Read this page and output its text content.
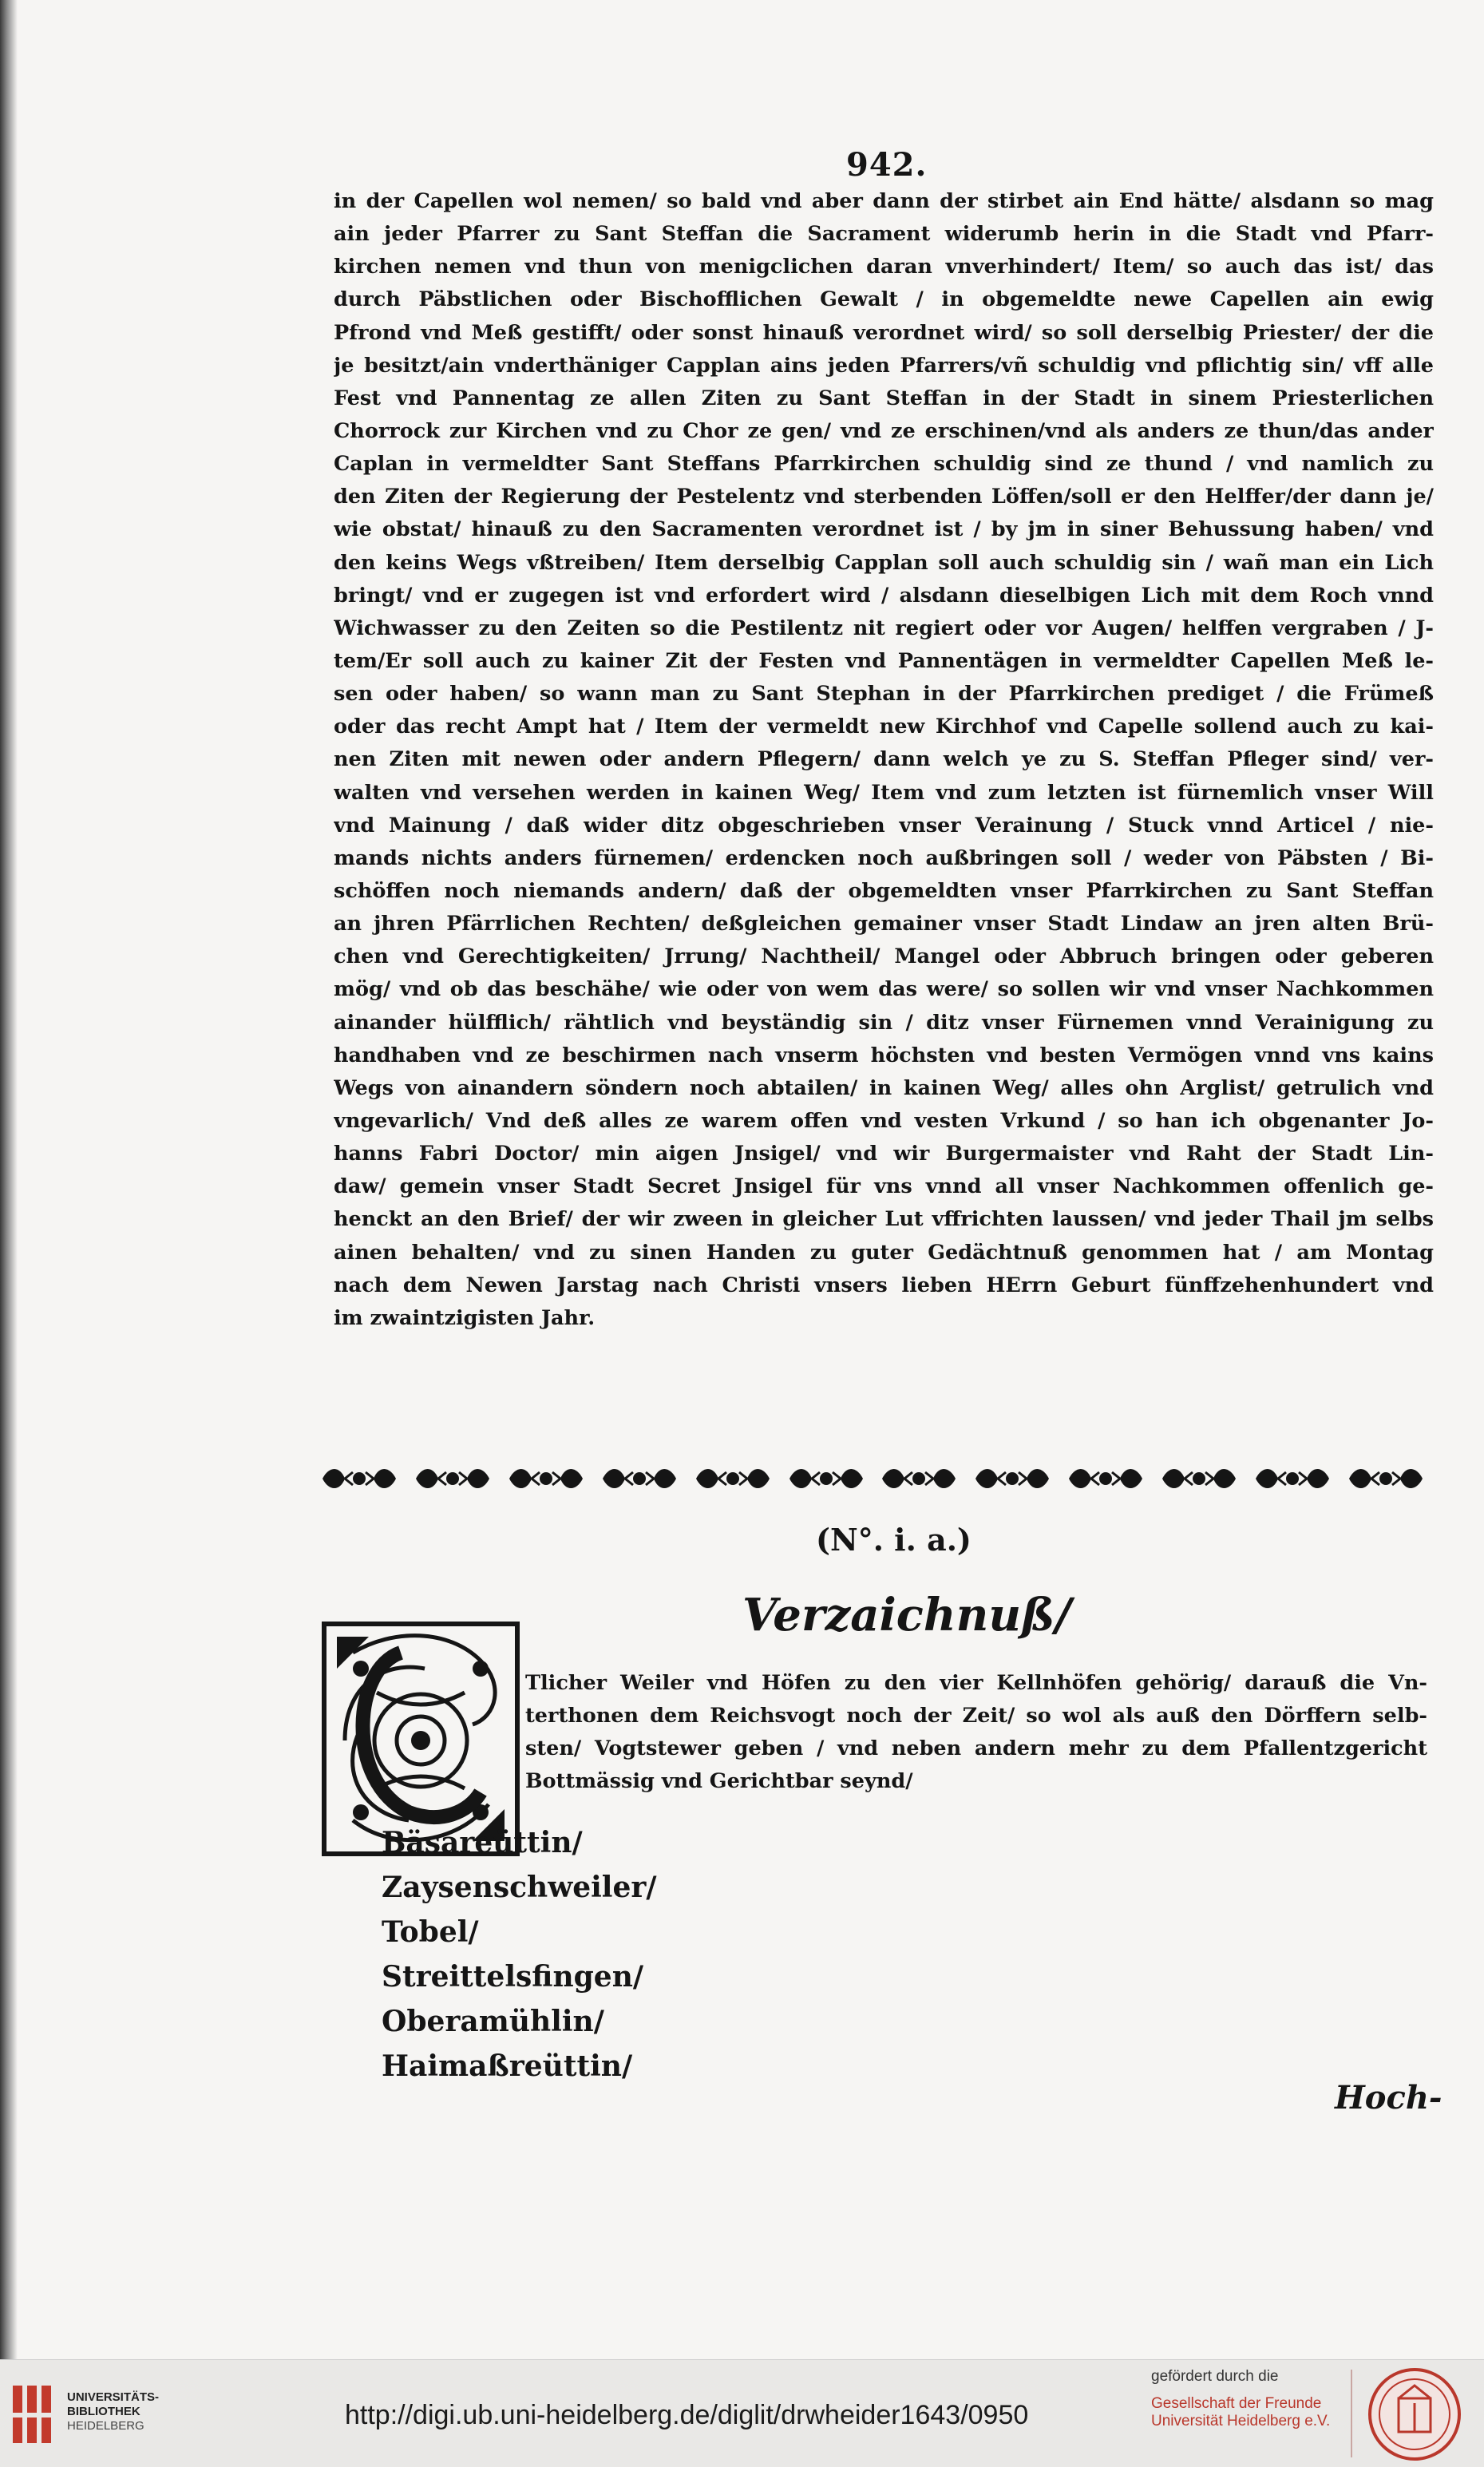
942.
in der Capellen wol nemen/ so bald vnd aber dann der stirbet ain End hätte/ alsdann so mag
ain jeder Pfarrer zu Sant Steffan die Sacrament widerumb herin in die Stadt vnd Pfarr-
kirchen nemen vnd thun von menigclichen daran vnverhindert/ Item/ so auch das ist/ das
durch Päbstlichen oder Bischofflichen Gewalt / in obgemeldte newe Capellen ain ewig
Pfrond vnd Meß gestifft/ oder sonst hinauß verordnet wird/ so soll derselbig Priester/ der die
je besitzt/ain vnderthäniger Capplan ains jeden Pfarrers/vñ schuldig vnd pflichtig sin/ vff alle
Fest vnd Pannentag ze allen Ziten zu Sant Steffan in der Stadt in sinem Priesterlichen
Chorrock zur Kirchen vnd zu Chor ze gen/ vnd ze erschinen/vnd als anders ze thun/das ander
Caplan in vermeldter Sant Steffans Pfarrkirchen schuldig sind ze thund / vnd namlich zu
den Ziten der Regierung der Pestelentz vnd sterbenden Löffen/soll er den Helffer/der dann je/
wie obstat/ hinauß zu den Sacramenten verordnet ist / by jm in siner Behussung haben/ vnd
den keins Wegs vßtreiben/ Item derselbig Capplan soll auch schuldig sin / wañ man ein Lich
bringt/ vnd er zugegen ist vnd erfordert wird / alsdann dieselbigen Lich mit dem Roch vnnd
Wichwasser zu den Zeiten so die Pestilentz nit regiert oder vor Augen/ helffen vergraben / J-
tem/Er soll auch zu kainer Zit der Festen vnd Pannentägen in vermeldter Capellen Meß le-
sen oder haben/ so wann man zu Sant Stephan in der Pfarrkirchen prediget / die Frümeß
oder das recht Ampt hat / Item der vermeldt new Kirchhof vnd Capelle sollend auch zu kai-
nen Ziten mit newen oder andern Pflegern/ dann welch ye zu S. Steffan Pfleger sind/ ver-
walten vnd versehen werden in kainen Weg/ Item vnd zum letzten ist fürnemlich vnser Will
vnd Mainung / daß wider ditz obgeschrieben vnser Verainung / Stuck vnnd Articel / nie-
mands nichts anders fürnemen/ erdencken noch außbringen soll / weder von Päbsten / Bi-
schöffen noch niemands andern/ daß der obgemeldten vnser Pfarrkirchen zu Sant Steffan
an jhren Pfärrlichen Rechten/ deßgleichen gemainer vnser Stadt Lindaw an jren alten Brü-
chen vnd Gerechtigkeiten/ Jrrung/ Nachtheil/ Mangel oder Abbruch bringen oder geberen
mög/ vnd ob das beschähe/ wie oder von wem das were/ so sollen wir vnd vnser Nachkommen
ainander hülfflich/ rähtlich vnd beyständig sin / ditz vnser Fürnemen vnnd Verainigung zu
handhaben vnd ze beschirmen nach vnserm höchsten vnd besten Vermögen vnnd vns kains
Wegs von ainandern söndern noch abtailen/ in kainen Weg/ alles ohn Arglist/ getrulich vnd
vngevarlich/ Vnd deß alles ze warem offen vnd vesten Vrkund / so han ich obgenanter Jo-
hanns Fabri Doctor/ min aigen Jnsigel/ vnd wir Burgermaister vnd Raht der Stadt Lin-
daw/ gemein vnser Stadt Secret Jnsigel für vns vnnd all vnser Nachkommen offenlich ge-
henckt an den Brief/ der wir zween in gleicher Lut vffrichten laussen/ vnd jeder Thail jm selbs
ainen behalten/ vnd zu sinen Handen zu guter Gedächtnuß genommen hat / am Montag
nach dem Newen Jarstag nach Christi vnsers lieben HErrn Geburt fünffzehenhundert vnd
im zwaintzigisten Jahr.
(N°. i. a.)
Verzaichnuß/
Tlicher Weiler vnd Höfen zu den vier Kellnhöfen gehörig/ darauß die Vn-
terthonen dem Reichsvogt noch der Zeit/ so wol als auß den Dörffern selb-
sten/ Vogtstewer geben / vnd neben andern mehr zu dem Pfallentzgericht
Bottmässig vnd Gerichtbar seynd/
Bäsareüttin/
Zaysenschweiler/
Tobel/
Streittelsfingen/
Oberamühlin/
Haimaßreüttin/
Hoch-
UNIVERSITÄTS-
BIBLIOTHEK
HEIDELBERG	http://digi.ub.uni-heidelberg.de/diglit/drwheider1643/0950
gefördert durch die
Gesellschaft der Freunde
Universität Heidelberg e.V.
